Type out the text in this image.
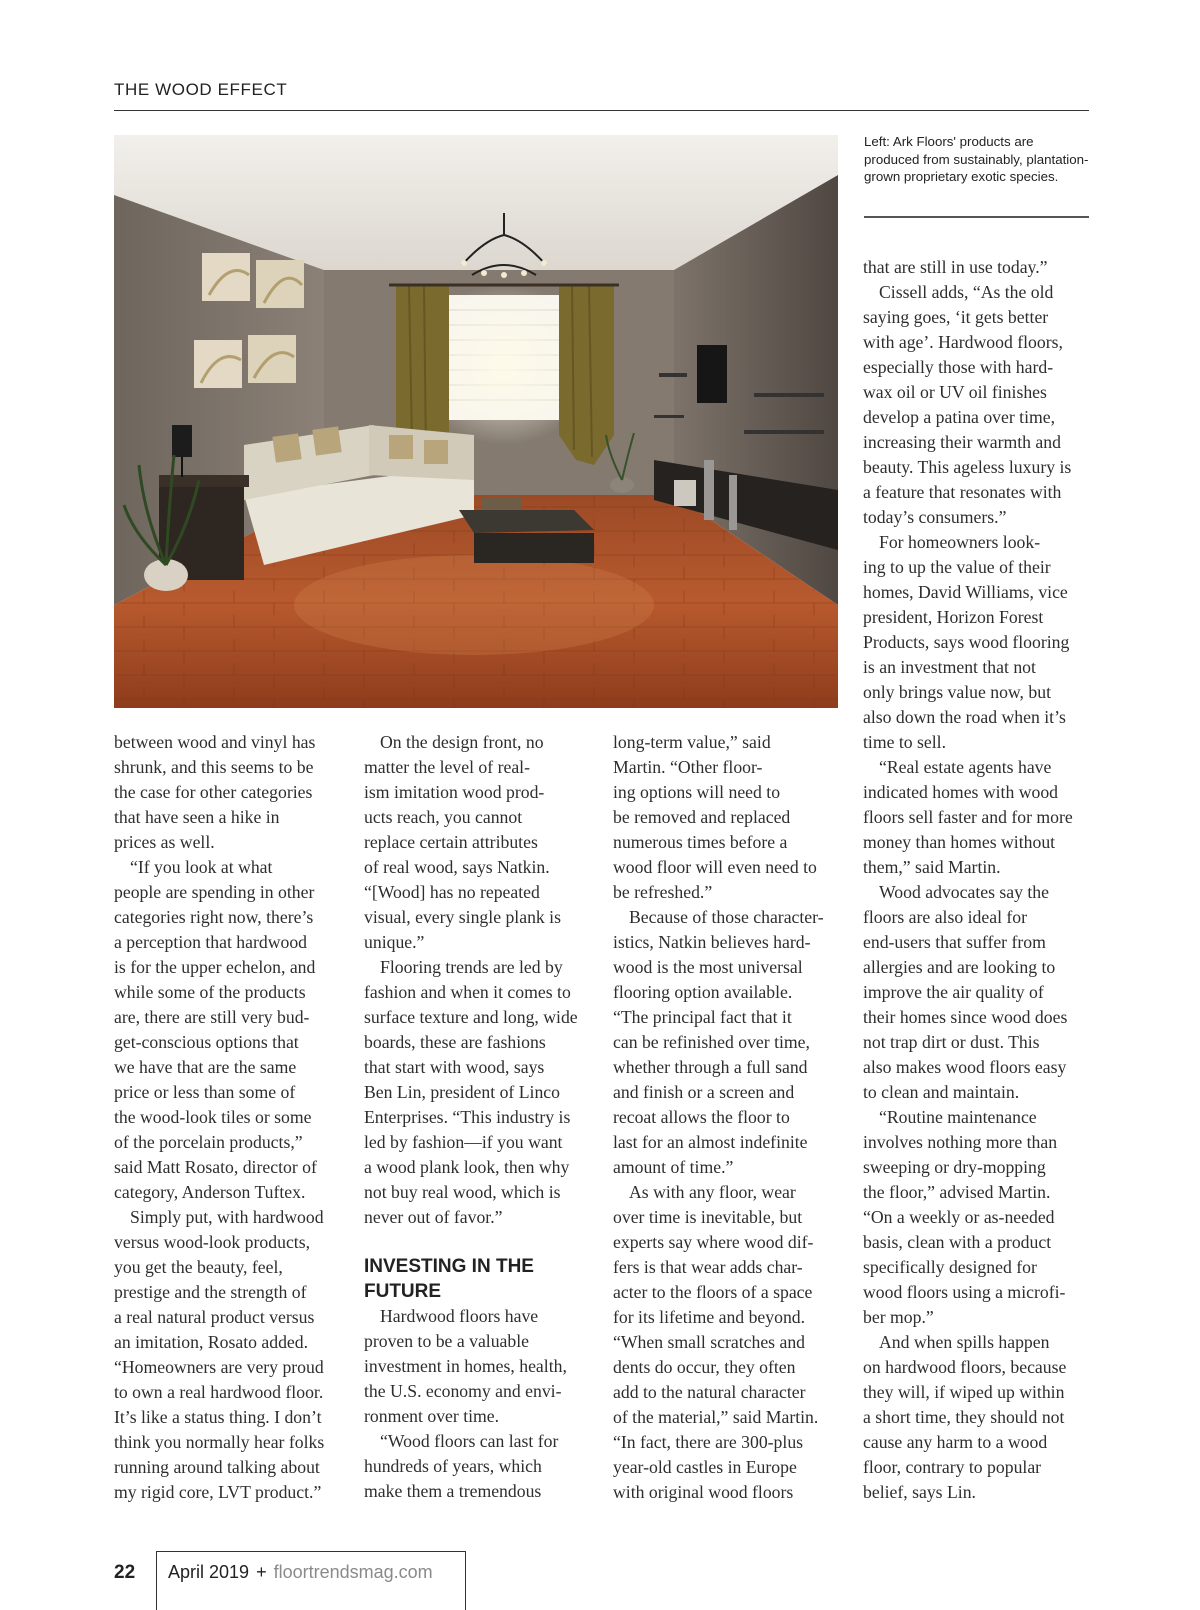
THE WOOD EFFECT
Left: Ark Floors' products are produced from sustainably, plantation-grown proprietary exotic species.

between wood and vinyl has

shrunk, and this seems to be

the case for other categories

that have seen a hike in

prices as well.

“If you look at what

people are spending in other

categories right now, there’s

a perception that hardwood

is for the upper echelon, and

while some of the products

are, there are still very bud-

get-conscious options that

we have that are the same

price or less than some of

the wood-look tiles or some

of the porcelain products,”

said Matt Rosato, director of

category, Anderson Tuftex.

Simply put, with hardwood

versus wood-look products,

you get the beauty, feel,

prestige and the strength of

a real natural product versus

an imitation, Rosato added.

“Homeowners are very proud

to own a real hardwood floor.

It’s like a status thing. I don’t

think you normally hear folks

running around talking about

my rigid core, LVT product.”

On the design front, no

matter the level of real-

ism imitation wood prod-

ucts reach, you cannot

replace certain attributes

of real wood, says Natkin.

“[Wood] has no repeated

visual, every single plank is

unique.”

Flooring trends are led by

fashion and when it comes to

surface texture and long, wide

boards, these are fashions

that start with wood, says

Ben Lin, president of Linco

Enterprises. “This industry is

led by fashion—if you want

a wood plank look, then why

not buy real wood, which is

never out of favor.”

INVESTING IN THE
FUTURE

Hardwood floors have

proven to be a valuable

investment in homes, health,

the U.S. economy and envi-

ronment over time.

“Wood floors can last for

hundreds of years, which

make them a tremendous

long-term value,” said

Martin. “Other floor-

ing options will need to

be removed and replaced

numerous times before a

wood floor will even need to

be refreshed.”

Because of those character-

istics, Natkin believes hard-

wood is the most universal

flooring option available.

“The principal fact that it

can be refinished over time,

whether through a full sand

and finish or a screen and

recoat allows the floor to

last for an almost indefinite

amount of time.”

As with any floor, wear

over time is inevitable, but

experts say where wood dif-

fers is that wear adds char-

acter to the floors of a space

for its lifetime and beyond.

“When small scratches and

dents do occur, they often

add to the natural character

of the material,” said Martin.

“In fact, there are 300-plus

year-old castles in Europe

with original wood floors

that are still in use today.”

Cissell adds, “As the old

saying goes, ‘it gets better

with age’. Hardwood floors,

especially those with hard-

wax oil or UV oil finishes

develop a patina over time,

increasing their warmth and

beauty. This ageless luxury is

a feature that resonates with

today’s consumers.”

For homeowners look-

ing to up the value of their

homes, David Williams, vice

president, Horizon Forest

Products, says wood flooring

is an investment that not

only brings value now, but

also down the road when it’s

time to sell.

“Real estate agents have

indicated homes with wood

floors sell faster and for more

money than homes without

them,” said Martin.

Wood advocates say the

floors are also ideal for

end-users that suffer from

allergies and are looking to

improve the air quality of

their homes since wood does

not trap dirt or dust. This

also makes wood floors easy

to clean and maintain.

“Routine maintenance

involves nothing more than

sweeping or dry-mopping

the floor,” advised Martin.

“On a weekly or as-needed

basis, clean with a product

specifically designed for

wood floors using a microfi-

ber mop.”

And when spills happen

on hardwood floors, because

they will, if wiped up within

a short time, they should not

cause any harm to a wood

floor, contrary to popular

belief, says Lin.

22 April 2019 + floortrendsmag.com
